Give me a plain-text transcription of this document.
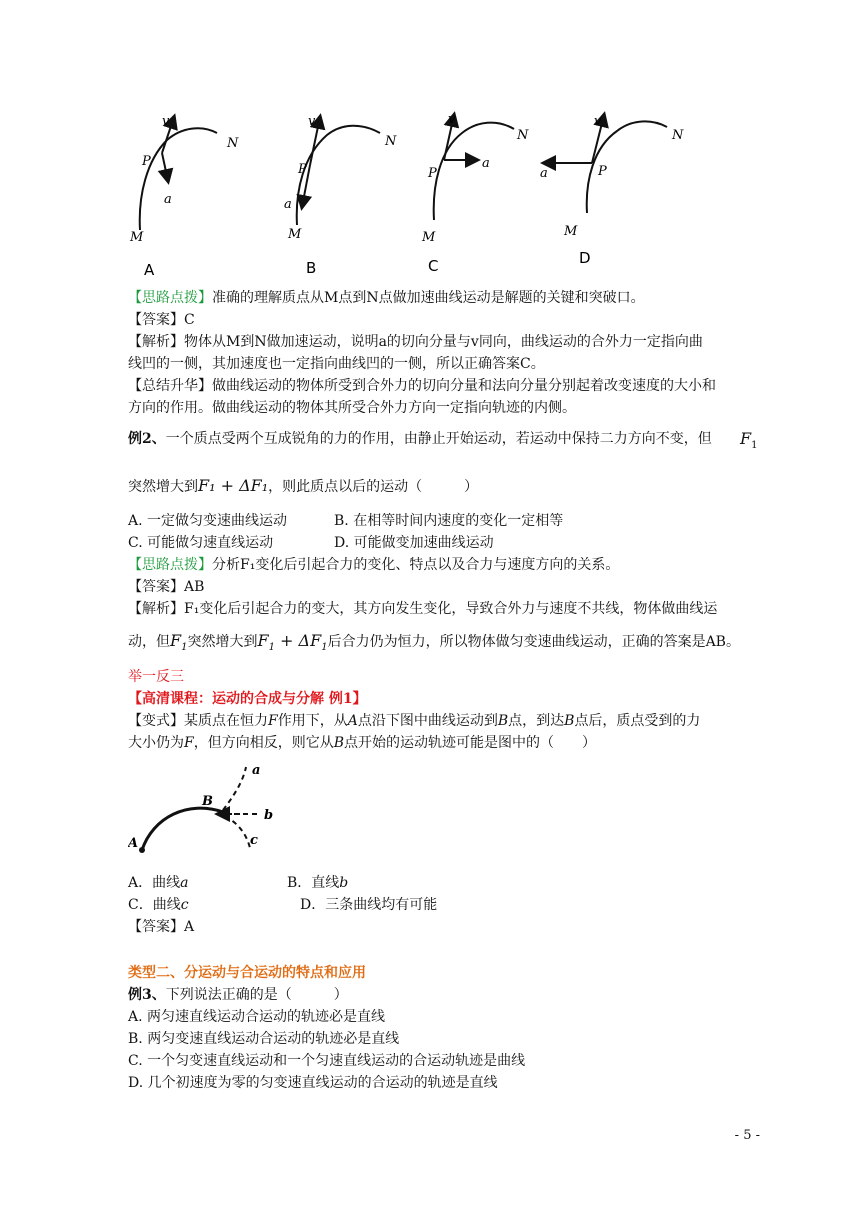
v
N
P
a
M
A
v
N
P
a
M
B
v
N
P
a
M
C
v
N
P
a
M
D
【思路点拨】准确的理解质点从M点到N点做加速曲线运动是解题的关键和突破口。
【答案】C
【解析】物体从M到N做加速运动，说明a的切向分量与v同向，曲线运动的合外力一定指向曲
线凹的一侧，其加速度也一定指向曲线凹的一侧，所以正确答案C。
【总结升华】做曲线运动的物体所受到合外力的切向分量和法向分量分别起着改变速度的大小和
方向的作用。做曲线运动的物体其所受合外力方向一定指向轨迹的内侧。
例2、一个质点受两个互成锐角的力的作用，由静止开始运动，若运动中保持二力方向不变，但 $F_1$
突然增大到F₁ + ΔF₁，则此质点以后的运动（　　　）
A. 一定做匀变速曲线运动	B. 在相等时间内速度的变化一定相等
C. 可能做匀速直线运动	D. 可能做变加速曲线运动
【思路点拨】分析F₁变化后引起合力的变化、特点以及合力与速度方向的关系。
【答案】AB
【解析】F₁变化后引起合力的变大，其方向发生变化，导致合外力与速度不共线，物体做曲线运
动，但$F_1$突然增大到$F_1 + \Delta F_1$后合力仍为恒力，所以物体做匀变速曲线运动，正确的答案是AB。
举一反三
【高清课程：运动的合成与分解 例1】
【变式】某质点在恒力F作用下，从A点沿下图中曲线运动到B点，到达B点后，质点受到的力
大小仍为F，但方向相反，则它从B点开始的运动轨迹可能是图中的（　　）
A
B
a
b
c
A．曲线a	B．直线b
C．曲线c	D．三条曲线均有可能
【答案】A
类型二、分运动与合运动的特点和应用
例3、下列说法正确的是（　　　）
A. 两匀速直线运动合运动的轨迹必是直线
B. 两匀变速直线运动合运动的轨迹必是直线
C. 一个匀变速直线运动和一个匀速直线运动的合运动轨迹是曲线
D. 几个初速度为零的匀变速直线运动的合运动的轨迹是直线
- 5 -
